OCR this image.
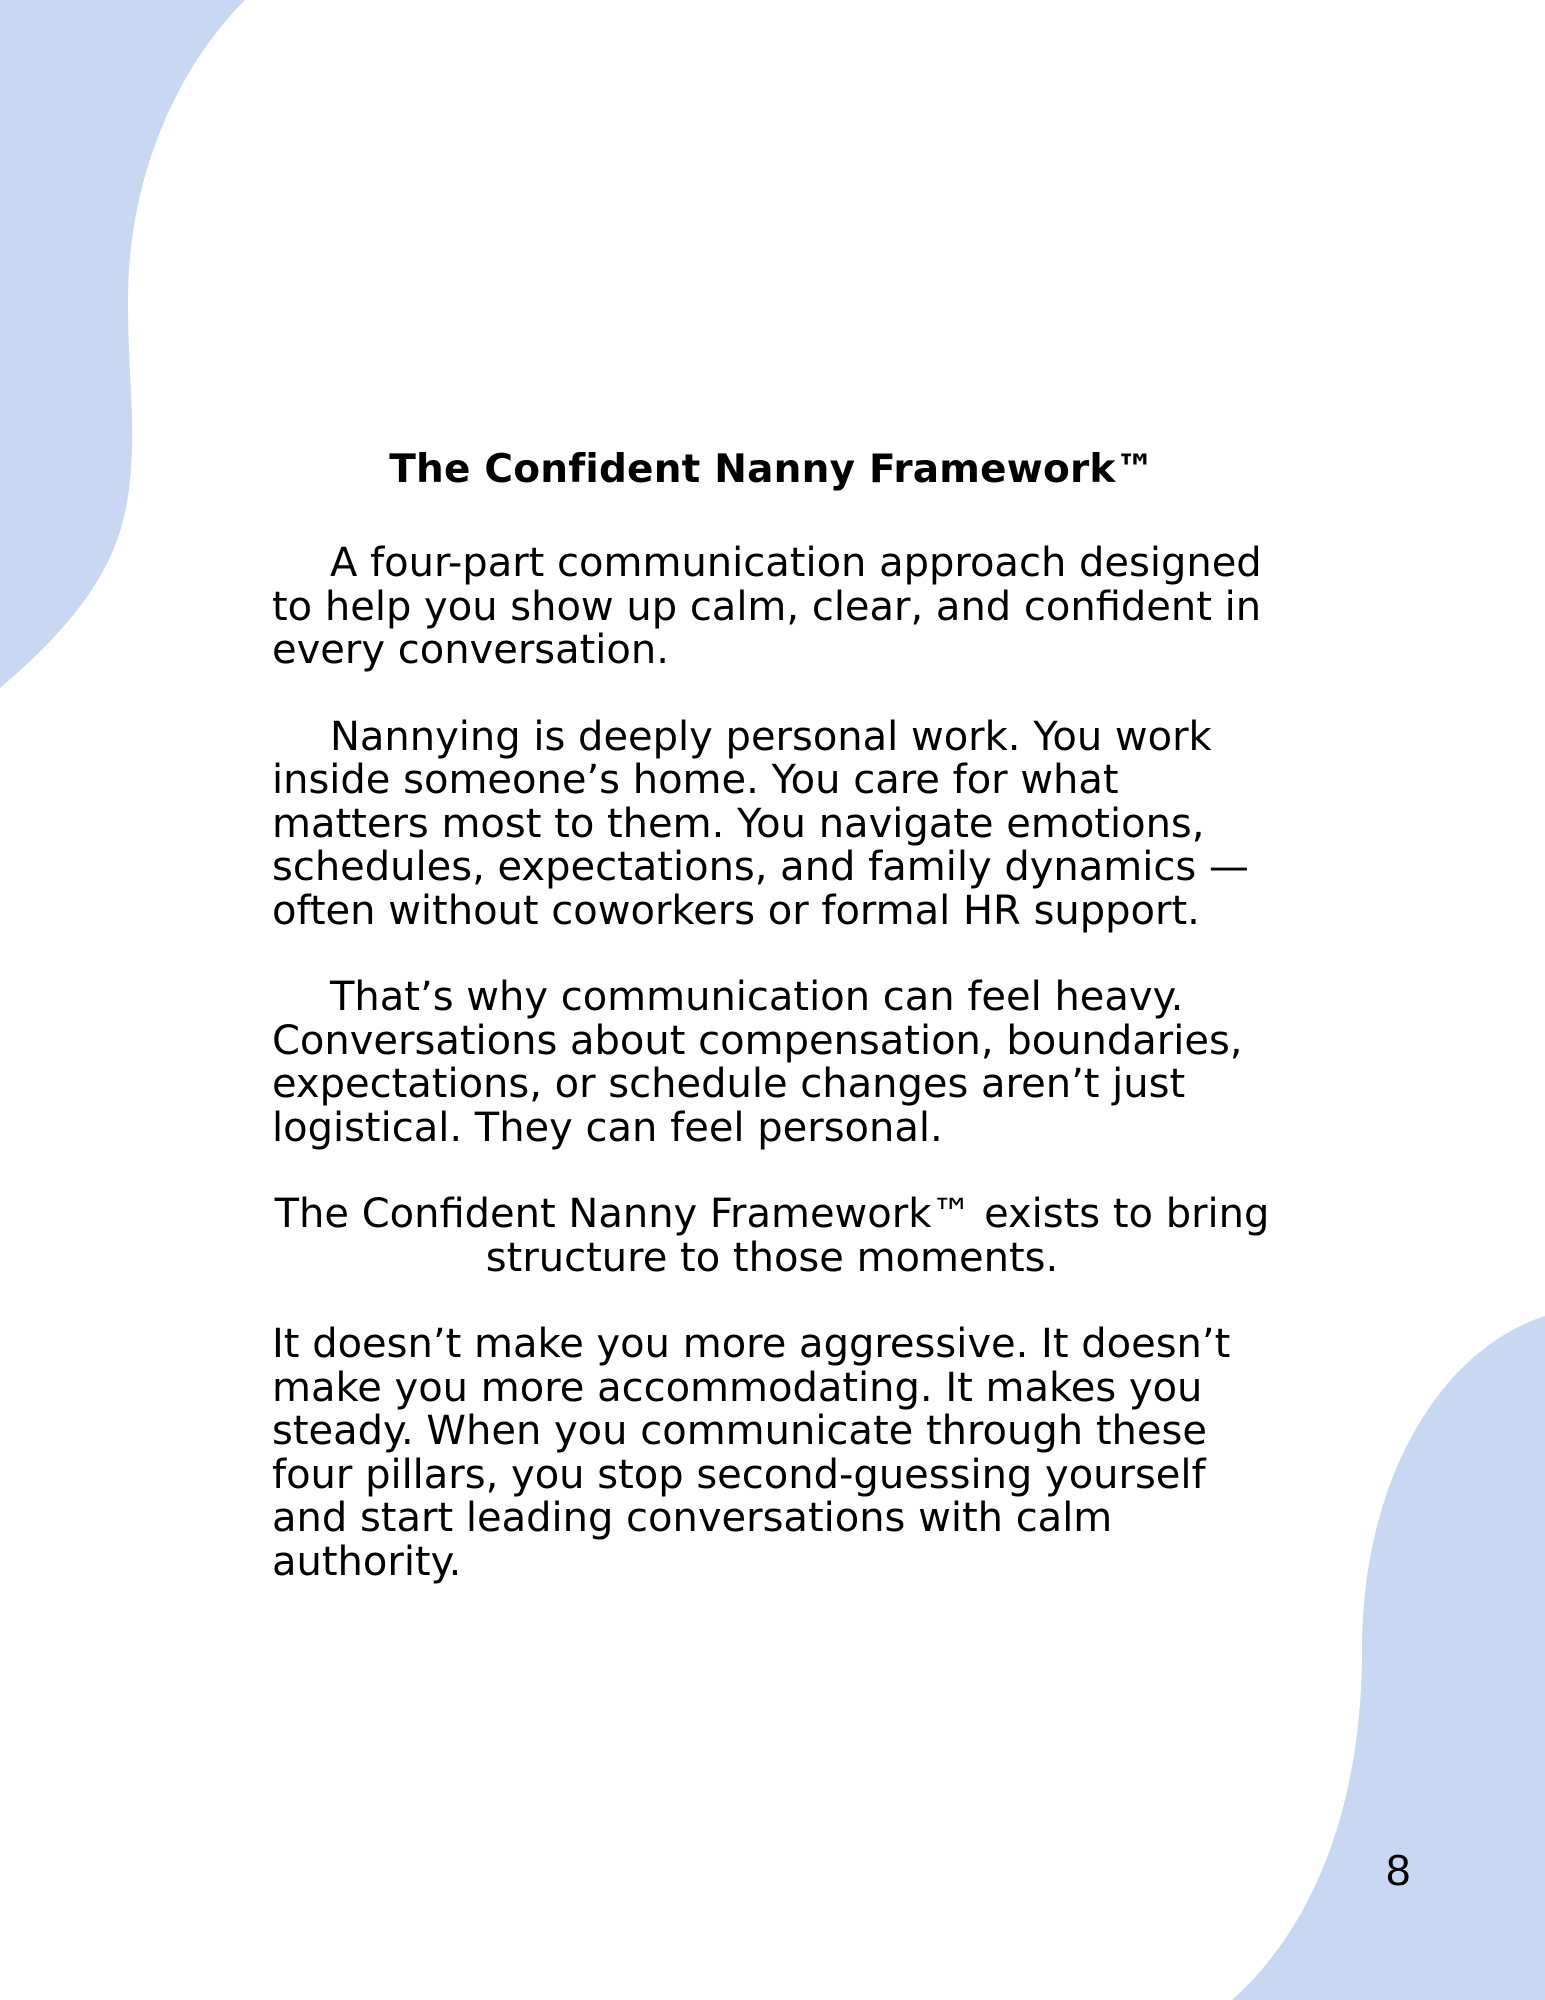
The Confident Nanny Framework™

A four-part communication approach designed to help you show up calm, clear, and confident in every conversation.

Nannying is deeply personal work. You work inside someone’s home. You care for what matters most to them. You navigate emotions, schedules, expectations, and family dynamics — often without coworkers or formal HR support.

That’s why communication can feel heavy. Conversations about compensation, boundaries, expectations, or schedule changes aren’t just logistical. They can feel personal.

The Confident Nanny Framework™ exists to bring structure to those moments.

It doesn’t make you more aggressive. It doesn’t make you more accommodating. It makes you steady. When you communicate through these four pillars, you stop second-guessing yourself and start leading conversations with calm authority.

8
